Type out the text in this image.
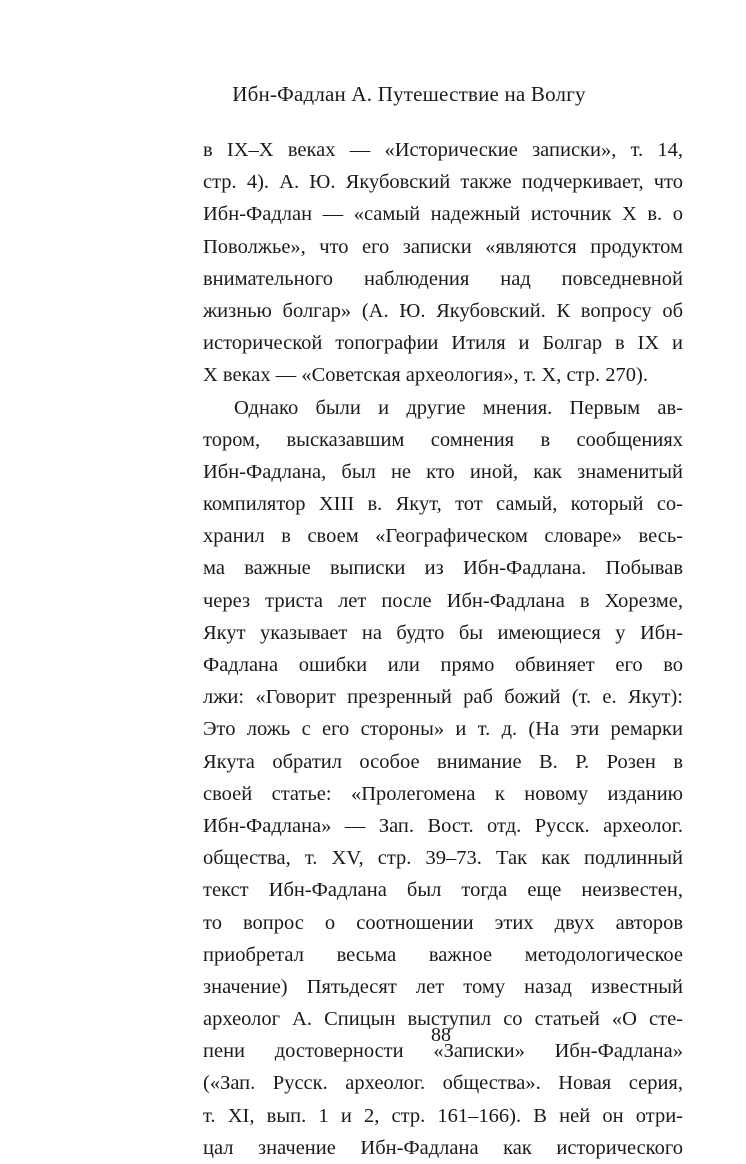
Ибн-Фадлан А. Путешествие на Волгу
в IX–X веках — «Исторические записки», т. 14,
стр. 4). А. Ю. Якубовский также подчеркивает, что
Ибн-Фадлан — «самый надежный источник X в. о
Поволжье», что его записки «являются продуктом
внимательного наблюдения над повседневной
жизнью болгар» (А. Ю. Якубовский. К вопросу об
исторической топографии Итиля и Болгар в IX и
X веках — «Советская археология», т. X, стр. 270).
Однако были и другие мнения. Первым ав-
тором, высказавшим сомнения в сообщениях
Ибн-Фадлана, был не кто иной, как знаменитый
компилятор XIII в. Якут, тот самый, который со-
хранил в своем «Географическом словаре» весь-
ма важные выписки из Ибн-Фадлана. Побывав
через триста лет после Ибн-Фадлана в Хорезме,
Якут указывает на будто бы имеющиеся у Ибн-
Фадлана ошибки или прямо обвиняет его во
лжи: «Говорит презренный раб божий (т. е. Якут):
Это ложь с его стороны» и т. д. (На эти ремарки
Якута обратил особое внимание В. Р. Розен в
своей статье: «Пролегомена к новому изданию
Ибн-Фадлана» — Зап. Вост. отд. Русск. археолог.
общества, т. XV, стр. 39–73. Так как подлинный
текст Ибн-Фадлана был тогда еще неизвестен,
то вопрос о соотношении этих двух авторов
приобретал весьма важное методологическое
значение) Пятьдесят лет тому назад известный
археолог А. Спицын выступил со статьей «О сте-
пени достоверности «Записки» Ибн-Фадлана»
(«Зап. Русск. археолог. общества». Новая серия,
т. XI, вып. 1 и 2, стр. 161–166). В ней он отри-
цал значение Ибн-Фадлана как исторического
88
